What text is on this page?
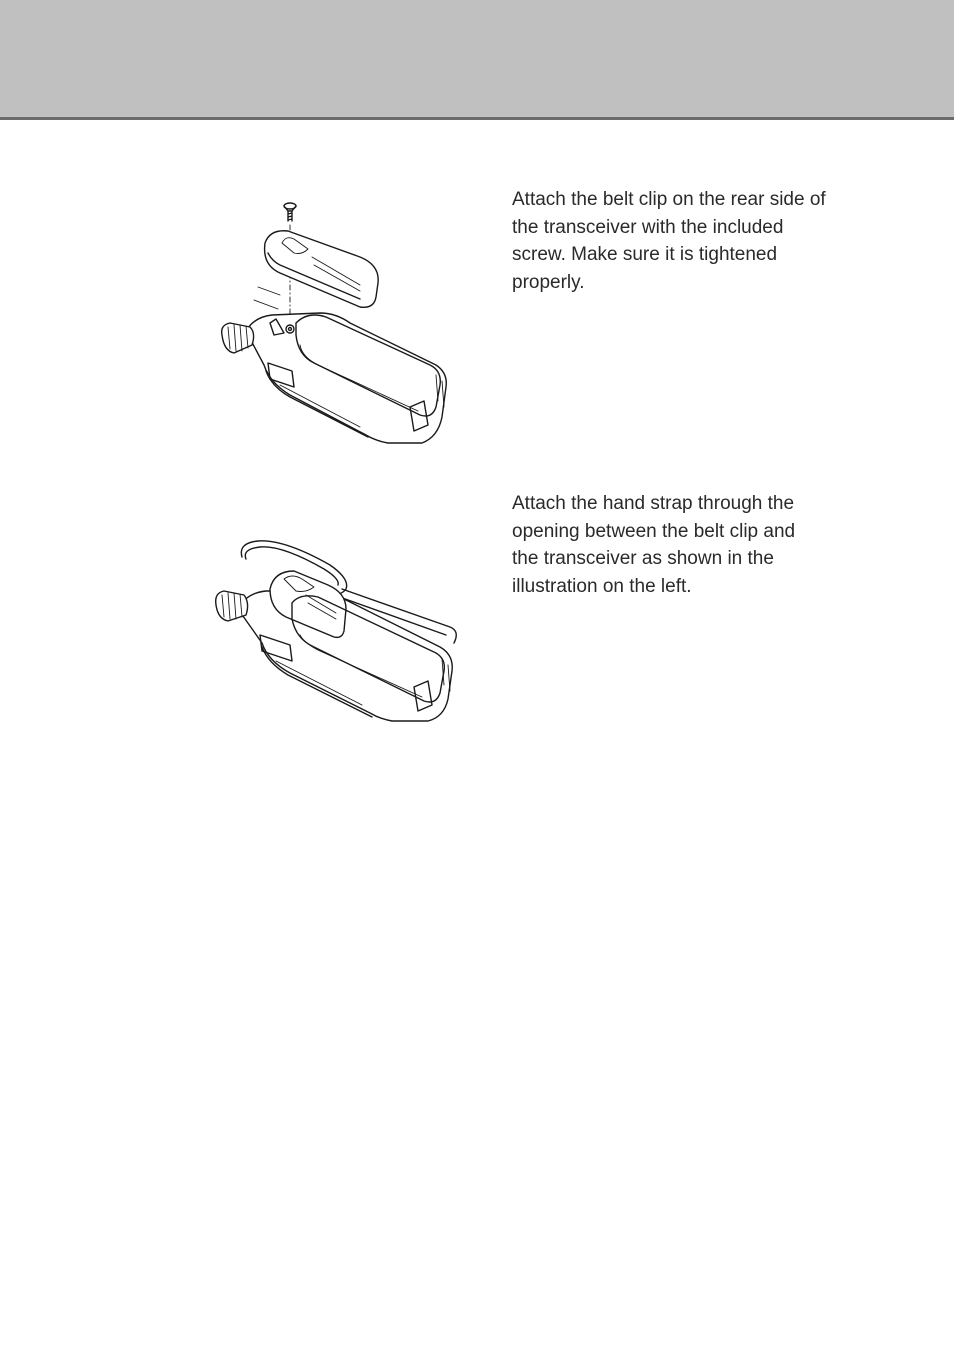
Attach the belt clip on the rear side of
the transceiver with the included
screw. Make sure it is tightened
properly.

Attach the hand strap through the
opening between the belt clip and
the transceiver as shown in the
illustration on the left.
